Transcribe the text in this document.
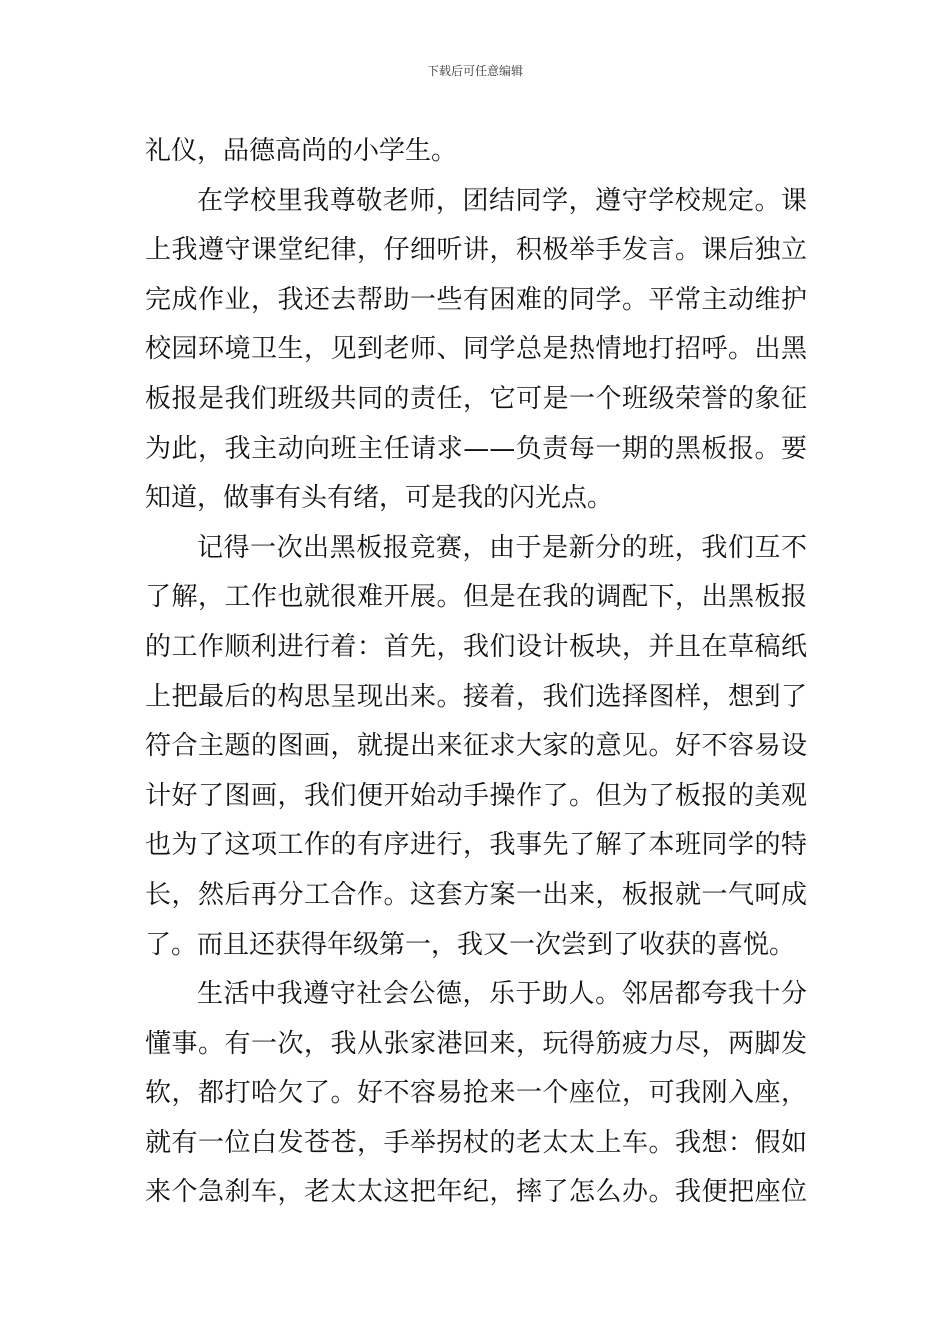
下载后可任意编辑
礼仪，品德高尚的小学生。
在学校里我尊敬老师，团结同学，遵守学校规定。课
上我遵守课堂纪律，仔细听讲，积极举手发言。课后独立
完成作业，我还去帮助一些有困难的同学。平常主动维护
校园环境卫生，见到老师、同学总是热情地打招呼。出黑
板报是我们班级共同的责任，它可是一个班级荣誉的象征
为此，我主动向班主任请求——负责每一期的黑板报。要
知道，做事有头有绪，可是我的闪光点。
记得一次出黑板报竞赛，由于是新分的班，我们互不
了解，工作也就很难开展。但是在我的调配下，出黑板报
的工作顺利进行着：首先，我们设计板块，并且在草稿纸
上把最后的构思呈现出来。接着，我们选择图样，想到了
符合主题的图画，就提出来征求大家的意见。好不容易设
计好了图画，我们便开始动手操作了。但为了板报的美观
也为了这项工作的有序进行，我事先了解了本班同学的特
长，然后再分工合作。这套方案一出来，板报就一气呵成
了。而且还获得年级第一，我又一次尝到了收获的喜悦。
生活中我遵守社会公德，乐于助人。邻居都夸我十分
懂事。有一次，我从张家港回来，玩得筋疲力尽，两脚发
软，都打哈欠了。好不容易抢来一个座位，可我刚入座，
就有一位白发苍苍，手举拐杖的老太太上车。我想：假如
来个急刹车，老太太这把年纪，摔了怎么办。我便把座位
